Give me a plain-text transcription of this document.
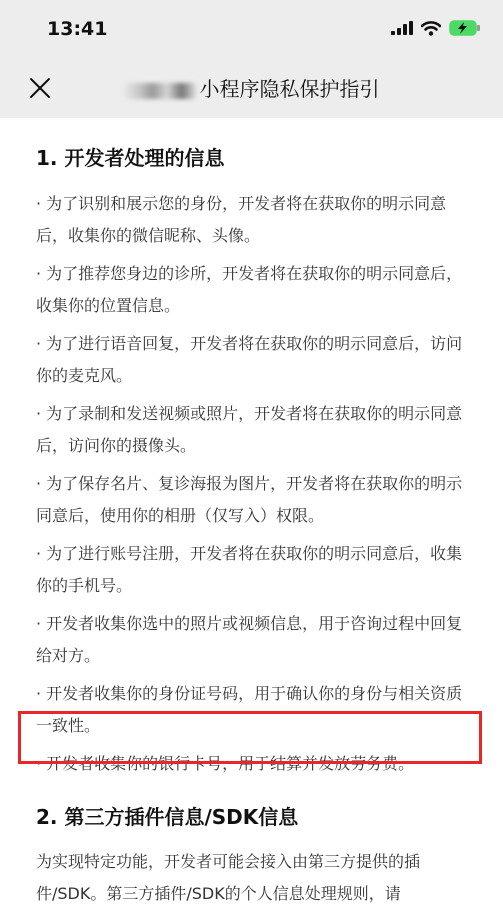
13:41
小程序隐私保护指引
1. 开发者处理的信息
· 为了识别和展示您的身份，开发者将在获取你的明示同意后，收集你的微信昵称、头像。
· 为了推荐您身边的诊所，开发者将在获取你的明示同意后，收集你的位置信息。
· 为了进行语音回复，开发者将在获取你的明示同意后，访问你的麦克风。
· 为了录制和发送视频或照片，开发者将在获取你的明示同意后，访问你的摄像头。
· 为了保存名片、复诊海报为图片，开发者将在获取你的明示同意后，使用你的相册（仅写入）权限。
· 为了进行账号注册，开发者将在获取你的明示同意后，收集你的手机号。
· 开发者收集你选中的照片或视频信息，用于咨询过程中回复给对方。
· 开发者收集你的身份证号码，用于确认你的身份与相关资质一致性。
· 开发者收集你的银行卡号，用于结算并发放劳务费。
2. 第三方插件信息/SDK信息
为实现特定功能，开发者可能会接入由第三方提供的插件/SDK。第三方插件/SDK的个人信息处理规则，请
